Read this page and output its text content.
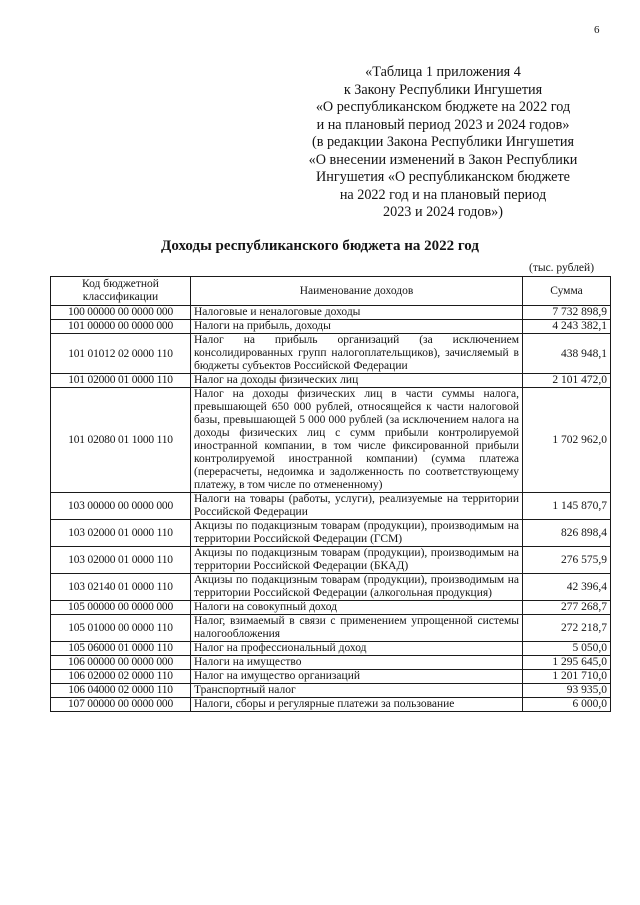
6
«Таблица 1 приложения 4
к Закону Республики Ингушетия
«О республиканском бюджете на 2022 год
и на плановый период 2023 и 2024 годов»
(в редакции Закона Республики Ингушетия
«О внесении изменений в Закон Республики
Ингушетия «О республиканском бюджете
на 2022 год и на плановый период
2023 и 2024 годов»)
Доходы республиканского бюджета на 2022 год
(тыс. рублей)
Код бюджетной классификации	Наименование доходов	Сумма
100 00000 00 0000 000	Налоговые и неналоговые доходы	7 732 898,9
101 00000 00 0000 000	Налоги на прибыль, доходы	4 243 382,1
101 01012 02 0000 110	Налог на прибыль организаций (за исключением консолидированных групп налогоплательщиков), зачисляемый в бюджеты субъектов Российской Федерации	438 948,1
101 02000 01 0000 110	Налог на доходы физических лиц	2 101 472,0
101 02080 01 1000 110	Налог на доходы физических лиц в части суммы налога, превышающей 650 000 рублей, относящейся к части налоговой базы, превышающей 5 000 000 рублей (за исключением налога на доходы физических лиц с сумм прибыли контролируемой иностранной компании, в том числе фиксированной прибыли контролируемой иностранной компании) (сумма платежа (перерасчеты, недоимка и задолженность по соответствующему платежу, в том числе по отмененному)	1 702 962,0
103 00000 00 0000 000	Налоги на товары (работы, услуги), реализуемые на территории Российской Федерации	1 145 870,7
103 02000 01 0000 110	Акцизы по подакцизным товарам (продукции), производимым на территории Российской Федерации (ГСМ)	826 898,4
103 02000 01 0000 110	Акцизы по подакцизным товарам (продукции), производимым на территории Российской Федерации (БКАД)	276 575,9
103 02140 01 0000 110	Акцизы по подакцизным товарам (продукции), производимым на территории Российской Федерации (алкогольная продукция)	42 396,4
105 00000 00 0000 000	Налоги на совокупный доход	277 268,7
105 01000 00 0000 110	Налог, взимаемый в связи с применением упрощенной системы налогообложения	272 218,7
105 06000 01 0000 110	Налог на профессиональный доход	5 050,0
106 00000 00 0000 000	Налоги на имущество	1 295 645,0
106 02000 02 0000 110	Налог на имущество организаций	1 201 710,0
106 04000 02 0000 110	Транспортный налог	93 935,0
107 00000 00 0000 000	Налоги, сборы и регулярные платежи за пользование	6 000,0
